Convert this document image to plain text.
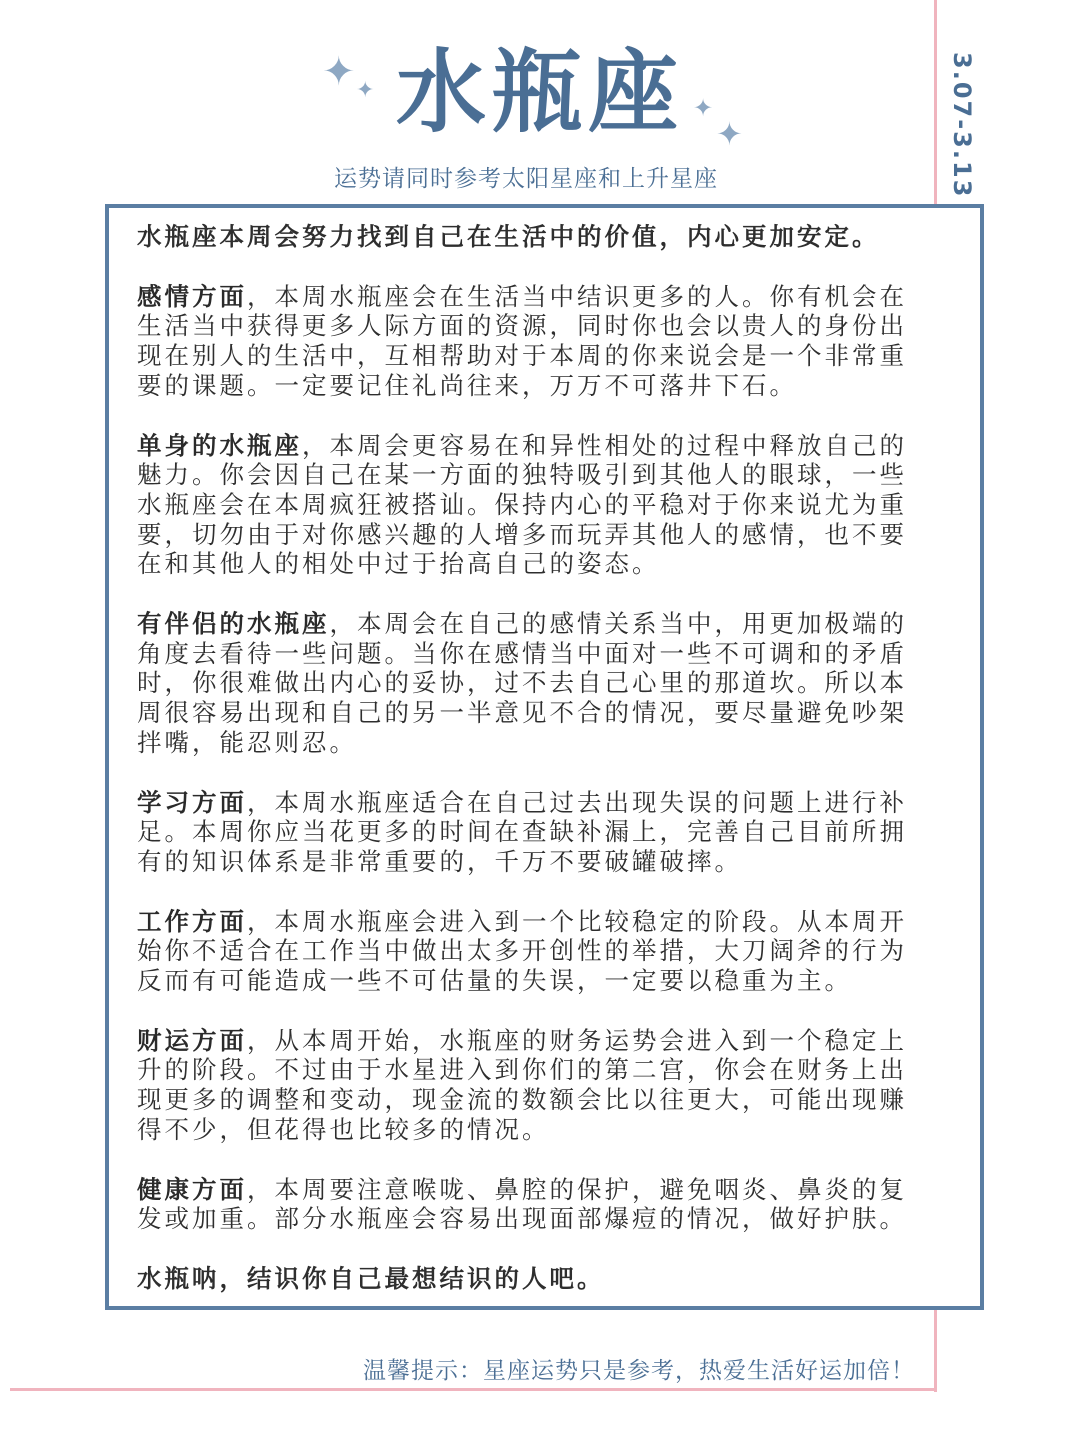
3.07-3.13
✦ ✦
✦
✦
水瓶座
运势请同时参考太阳星座和上升星座

水瓶座本周会努力找到自己在生活中的价值，内心更加安定。

感情方面，本周水瓶座会在生活当中结识更多的人。你有机会在生活当中获得更多人际方面的资源，同时你也会以贵人的身份出现在别人的生活中，互相帮助对于本周的你来说会是一个非常重要的课题。一定要记住礼尚往来，万万不可落井下石。

单身的水瓶座，本周会更容易在和异性相处的过程中释放自己的魅力。你会因自己在某一方面的独特吸引到其他人的眼球，一些水瓶座会在本周疯狂被搭讪。保持内心的平稳对于你来说尤为重要，切勿由于对你感兴趣的人增多而玩弄其他人的感情，也不要在和其他人的相处中过于抬高自己的姿态。

有伴侣的水瓶座，本周会在自己的感情关系当中，用更加极端的角度去看待一些问题。当你在感情当中面对一些不可调和的矛盾时，你很难做出内心的妥协，过不去自己心里的那道坎。所以本周很容易出现和自己的另一半意见不合的情况，要尽量避免吵架拌嘴，能忍则忍。

学习方面，本周水瓶座适合在自己过去出现失误的问题上进行补足。本周你应当花更多的时间在查缺补漏上，完善自己目前所拥有的知识体系是非常重要的，千万不要破罐破摔。

工作方面，本周水瓶座会进入到一个比较稳定的阶段。从本周开始你不适合在工作当中做出太多开创性的举措，大刀阔斧的行为反而有可能造成一些不可估量的失误，一定要以稳重为主。

财运方面，从本周开始，水瓶座的财务运势会进入到一个稳定上升的阶段。不过由于水星进入到你们的第二宫，你会在财务上出现更多的调整和变动，现金流的数额会比以往更大，可能出现赚得不少，但花得也比较多的情况。

健康方面，本周要注意喉咙、鼻腔的保护，避免咽炎、鼻炎的复发或加重。部分水瓶座会容易出现面部爆痘的情况，做好护肤。

水瓶呐，结识你自己最想结识的人吧。

温馨提示：星座运势只是参考，热爱生活好运加倍！
